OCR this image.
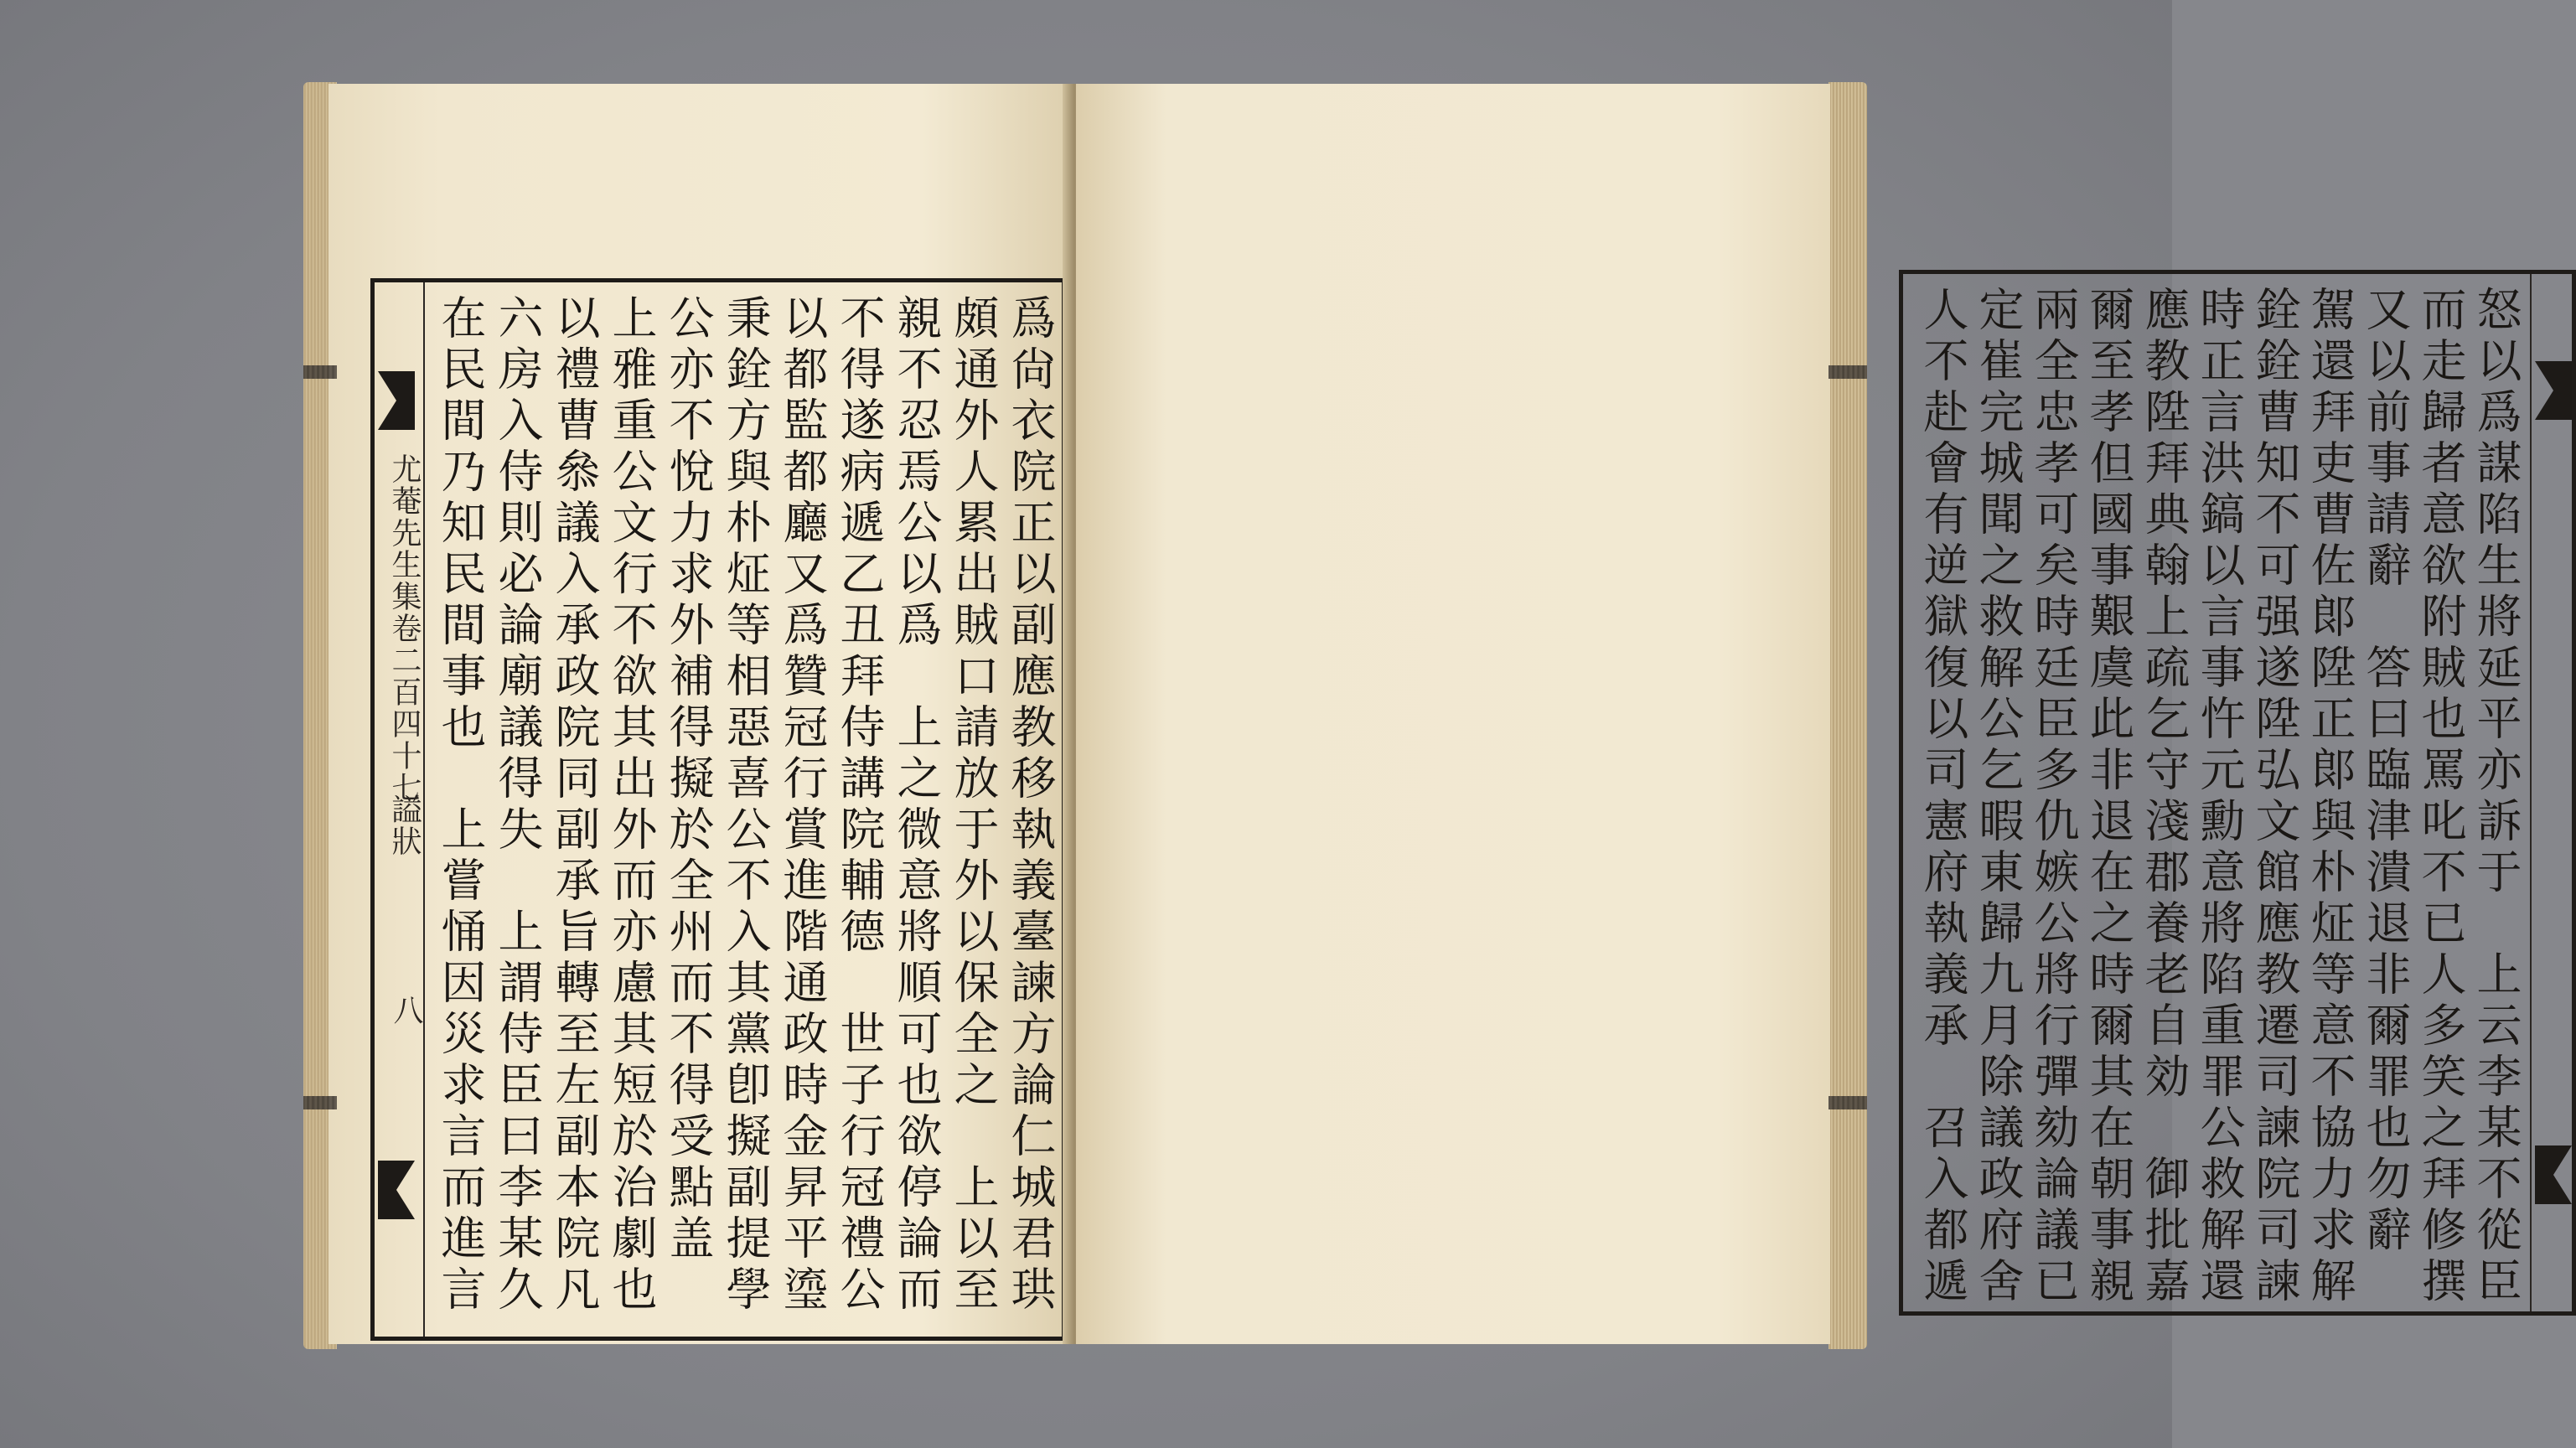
尤菴先生集卷二百四十七
謚狀
八	爲尙衣院正以副應教移執義臺諫方論仁城君珙
頗通外人累出賊口請放于外以保全之　上以至
親不忍焉公以爲　上之微意將順可也欲停論而
不得遂病遞乙丑拜侍講院輔德　世子行冠禮公
以都監都廳又爲贊冠行賞進階通政時金昇平瑬
秉銓方與朴炡等相惡喜公不入其黨卽擬副提學
公亦不悅力求外補得擬於全州而不得受點盖
上雅重公文行不欲其出外而亦慮其短於治劇也
以禮曹叅議入承政院同副承旨轉至左副本院凡
六房入侍則必論廟議得失　上謂侍臣曰李某久
在民間乃知民間事也　上嘗悀因災求言而進言	怒以爲謀陷生將延平亦訴于　上云李某不從臣
而走歸者意欲附賊也罵叱不已人多笑之拜修撰
又以前事請辭　答曰臨津潰退非爾罪也勿辭
駕還拜吏曹佐郞陞正郞與朴炡等意不協力求解
銓銓曹知不可强遂陞弘文館應教遷司諫院司諫
時正言洪鎬以言事忤元勳意將陷重罪公救解還
應教陞拜典翰上疏乞守淺郡養老自効　御批嘉
爾至孝但國事艱虞此非退在之時爾其在朝事親
兩全忠孝可矣時廷臣多仇嫉公將行彈劾論議已
定崔完城聞之救解公乞暇東歸九月除議政府舍
人不赴會有逆獄復以司憲府執義承　召入都遞
